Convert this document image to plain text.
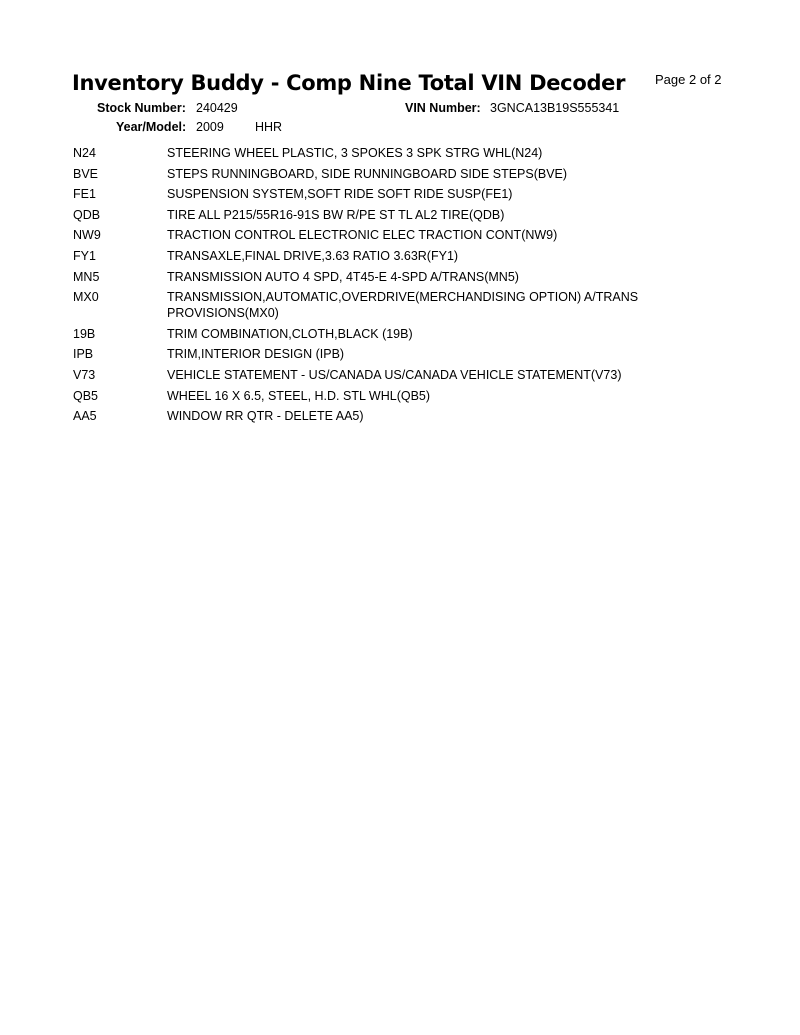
Inventory Buddy - Comp Nine Total VIN Decoder Page 2 of 2
Stock Number: 240429	VIN Number: 3GNCA13B19S555341
Year/Model: 2009 HHR
N24	STEERING WHEEL PLASTIC, 3 SPOKES 3 SPK STRG WHL(N24)
BVE	STEPS RUNNINGBOARD, SIDE RUNNINGBOARD SIDE STEPS(BVE)
FE1	SUSPENSION SYSTEM,SOFT RIDE SOFT RIDE SUSP(FE1)
QDB	TIRE ALL P215/55R16-91S BW R/PE ST TL AL2 TIRE(QDB)
NW9	TRACTION CONTROL ELECTRONIC ELEC TRACTION CONT(NW9)
FY1	TRANSAXLE,FINAL DRIVE,3.63 RATIO 3.63R(FY1)
MN5	TRANSMISSION AUTO 4 SPD, 4T45-E 4-SPD A/TRANS(MN5)
MX0	TRANSMISSION,AUTOMATIC,OVERDRIVE(MERCHANDISING OPTION) A/TRANS PROVISIONS(MX0)
19B	TRIM COMBINATION,CLOTH,BLACK (19B)
IPB	TRIM,INTERIOR DESIGN (IPB)
V73	VEHICLE STATEMENT - US/CANADA US/CANADA VEHICLE STATEMENT(V73)
QB5	WHEEL 16 X 6.5, STEEL, H.D. STL WHL(QB5)
AA5	WINDOW RR QTR - DELETE AA5)
